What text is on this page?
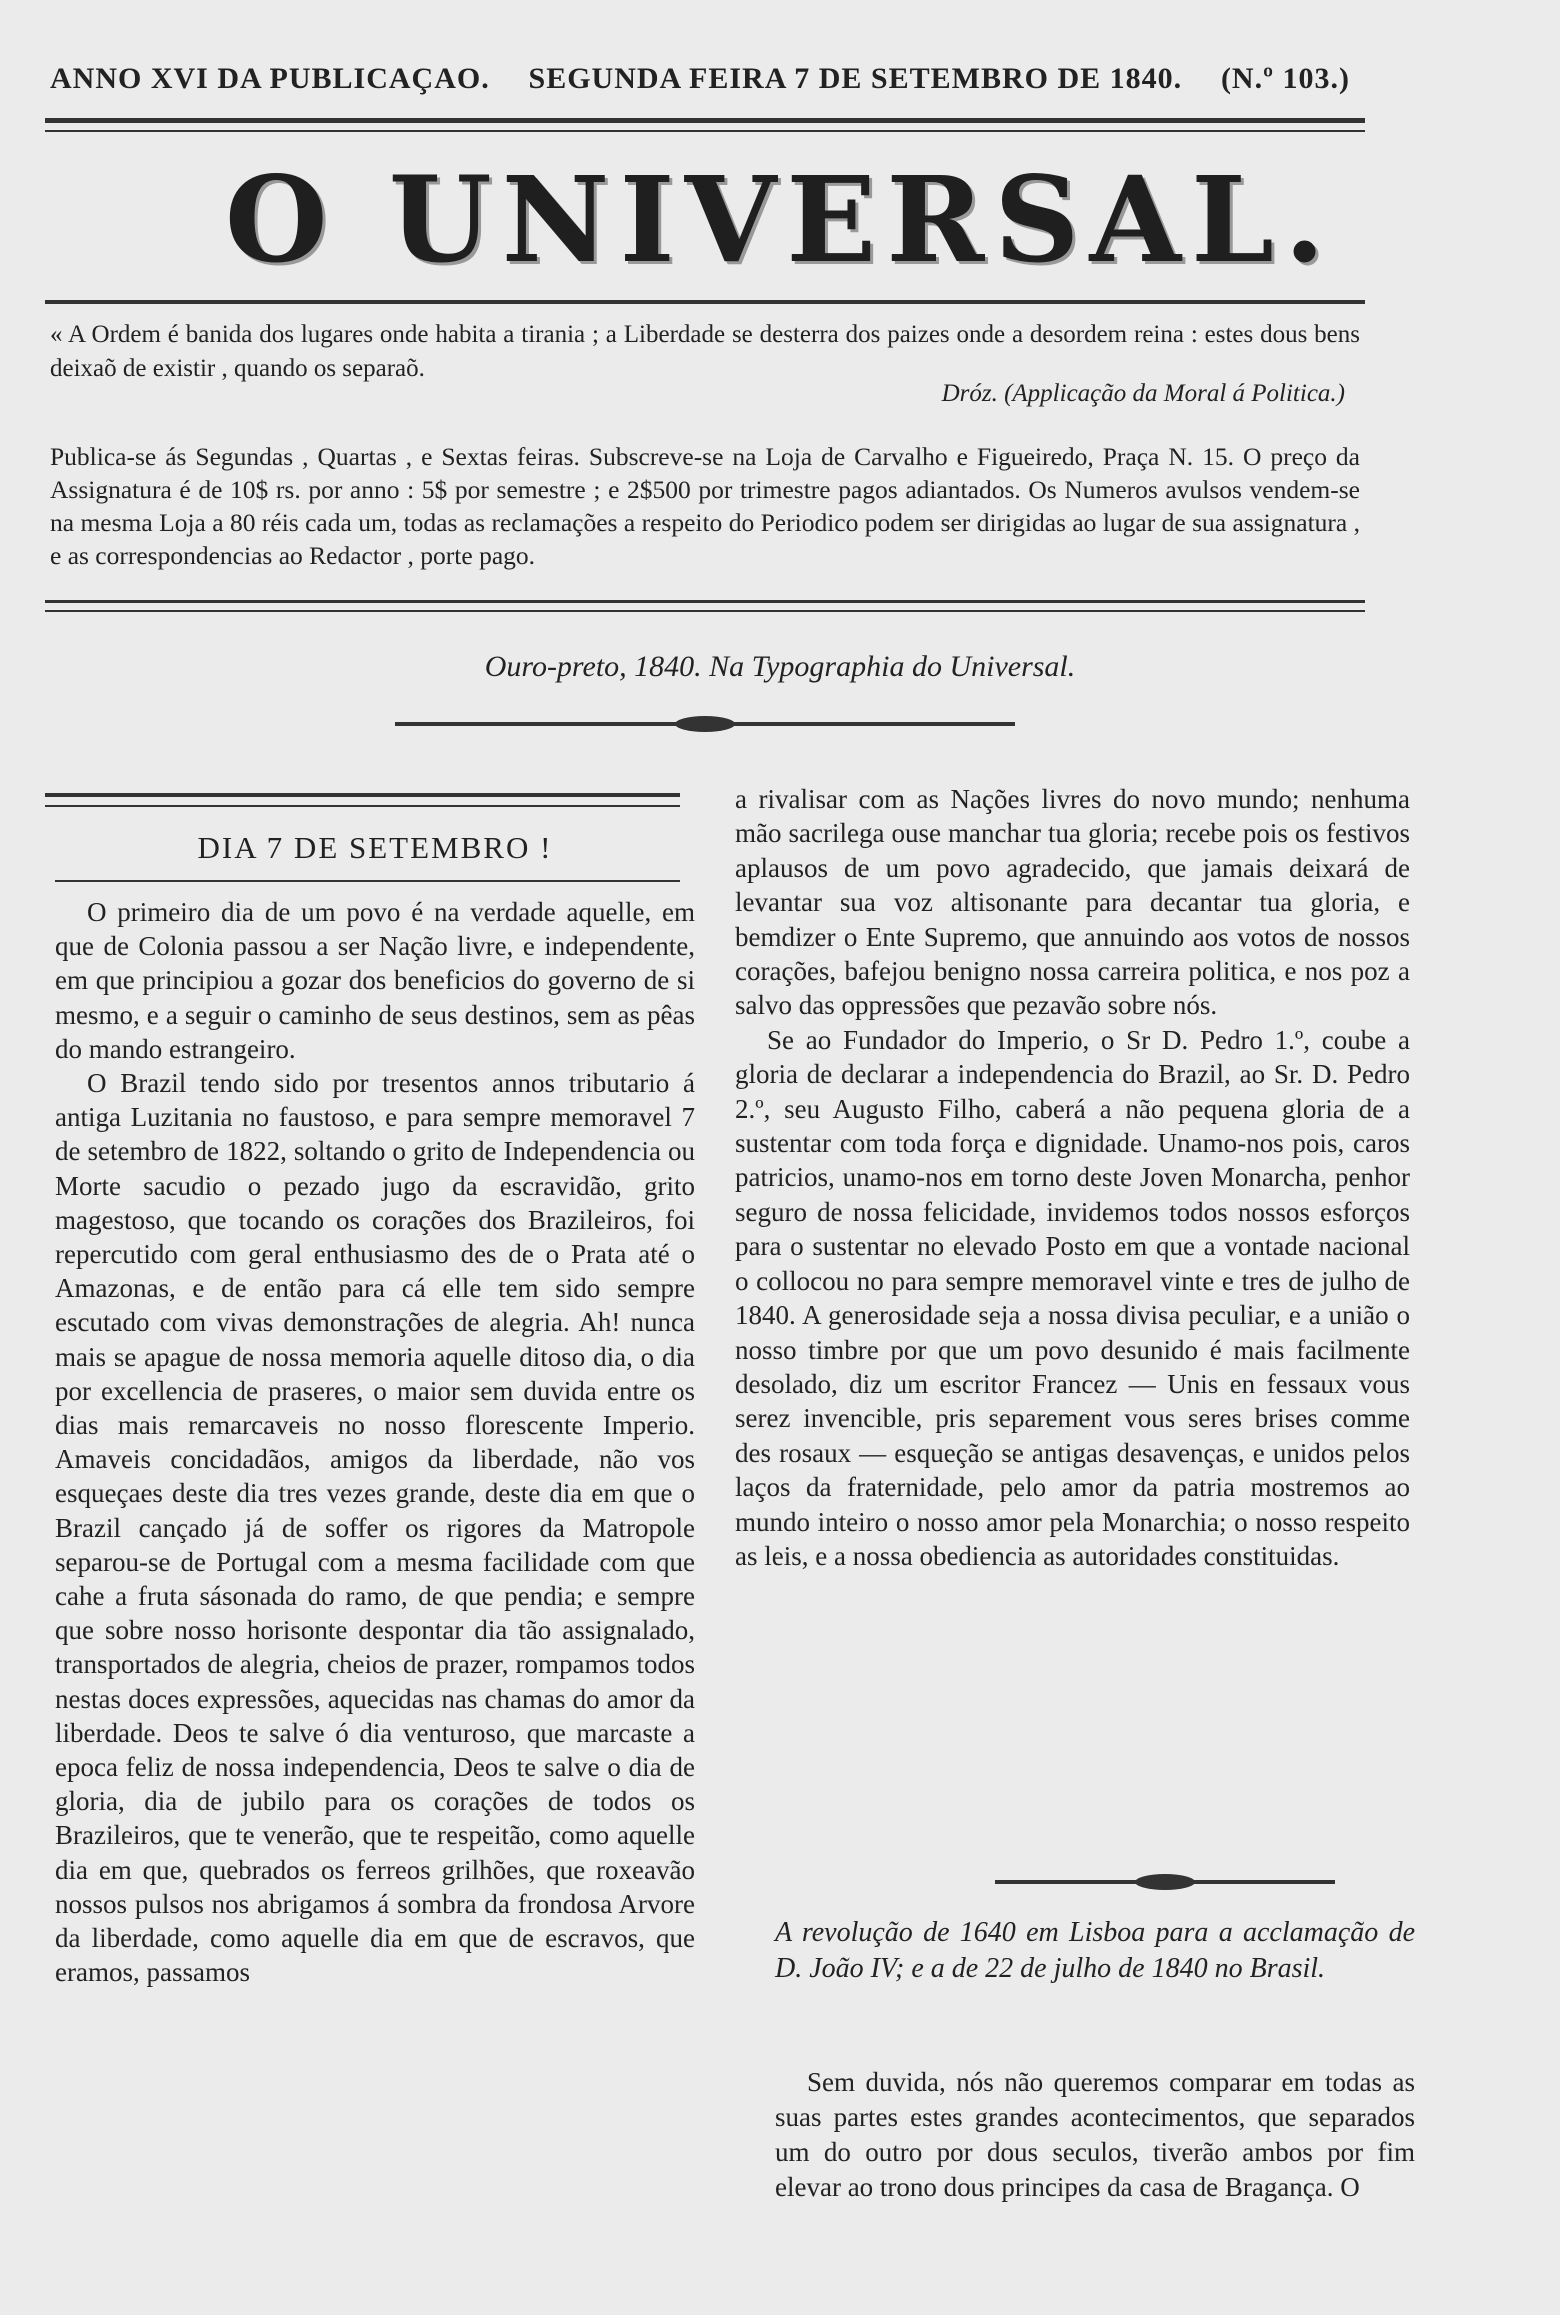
ANNO XVI DA PUBLICAÇAO. SEGUNDA FEIRA 7 DE SETEMBRO DE 1840. (N.º 103.)
O UNIVERSAL.
« A Ordem é banida dos lugares onde habita a tirania ; a Liberdade se desterra dos paizes onde a desordem reina : estes dous bens deixaõ de existir , quando os separaõ.
Dróz. (Applicação da Moral á Politica.)
Publica-se ás Segundas , Quartas , e Sextas feiras. Subscreve-se na Loja de Carvalho e Figueiredo, Praça N. 15. O preço da Assignatura é de 10$ rs. por anno : 5$ por semestre ; e 2$500 por trimestre pagos adiantados. Os Numeros avulsos vendem-se na mesma Loja a 80 réis cada um, todas as reclamações a respeito do Periodico podem ser dirigidas ao lugar de sua assignatura , e as correspondencias ao Redactor , porte pago.
Ouro-preto, 1840. Na Typographia do Universal.
DIA 7 DE SETEMBRO !

O primeiro dia de um povo é na verdade aquelle, em que de Colonia passou a ser Nação livre, e independente, em que principiou a gozar dos beneficios do governo de si mesmo, e a seguir o caminho de seus destinos, sem as pêas do mando estrangeiro.

O Brazil tendo sido por tresentos annos tributario á antiga Luzitania no faustoso, e para sempre memoravel 7 de setembro de 1822, soltando o grito de Independencia ou Morte sacudio o pezado jugo da escravidão, grito magestoso, que tocando os corações dos Brazileiros, foi repercutido com geral enthusiasmo des de o Prata até o Amazonas, e de então para cá elle tem sido sempre escutado com vivas demonstrações de alegria. Ah! nunca mais se apague de nossa memoria aquelle ditoso dia, o dia por excellencia de praseres, o maior sem duvida entre os dias mais remarcaveis no nosso florescente Imperio. Amaveis concidadãos, amigos da liberdade, não vos esqueçaes deste dia tres vezes grande, deste dia em que o Brazil cançado já de soffer os rigores da Matropole separou-se de Portugal com a mesma facilidade com que cahe a fruta sásonada do ramo, de que pendia; e sempre que sobre nosso horisonte despontar dia tão assignalado, transportados de alegria, cheios de prazer, rompamos todos nestas doces expressões, aquecidas nas chamas do amor da liberdade. Deos te salve ó dia venturoso, que marcaste a epoca feliz de nossa independencia, Deos te salve o dia de gloria, dia de jubilo para os corações de todos os Brazileiros, que te venerão, que te respeitão, como aquelle dia em que, quebrados os ferreos grilhões, que roxeavão nossos pulsos nos abrigamos á sombra da frondosa Arvore da liberdade, como aquelle dia em que de escravos, que eramos, passamos

a rivalisar com as Nações livres do novo mundo; nenhuma mão sacrilega ouse manchar tua gloria; recebe pois os festivos aplausos de um povo agradecido, que jamais deixará de levantar sua voz altisonante para decantar tua gloria, e bemdizer o Ente Supremo, que annuindo aos votos de nossos corações, bafejou benigno nossa carreira politica, e nos poz a salvo das oppressões que pezavão sobre nós.

Se ao Fundador do Imperio, o Sr D. Pedro 1.º, coube a gloria de declarar a independencia do Brazil, ao Sr. D. Pedro 2.º, seu Augusto Filho, caberá a não pequena gloria de a sustentar com toda força e dignidade. Unamo-nos pois, caros patricios, unamo-nos em torno deste Joven Monarcha, penhor seguro de nossa felicidade, invidemos todos nossos esforços para o sustentar no elevado Posto em que a vontade nacional o collocou no para sempre memoravel vinte e tres de julho de 1840. A generosidade seja a nossa divisa peculiar, e a união o nosso timbre por que um povo desunido é mais facilmente desolado, diz um escritor Francez — Unis en fessaux vous serez invencible, pris separement vous seres brises comme des rosaux — esqueção se antigas desavenças, e unidos pelos laços da fraternidade, pelo amor da patria mostremos ao mundo inteiro o nosso amor pela Monarchia; o nosso respeito as leis, e a nossa obediencia as autoridades constituidas.

A revolução de 1640 em Lisboa para a acclamação de D. João IV; e a de 22 de julho de 1840 no Brasil.

Sem duvida, nós não queremos comparar em todas as suas partes estes grandes acontecimentos, que separados um do outro por dous seculos, tiverão ambos por fim elevar ao trono dous principes da casa de Bragança. O
